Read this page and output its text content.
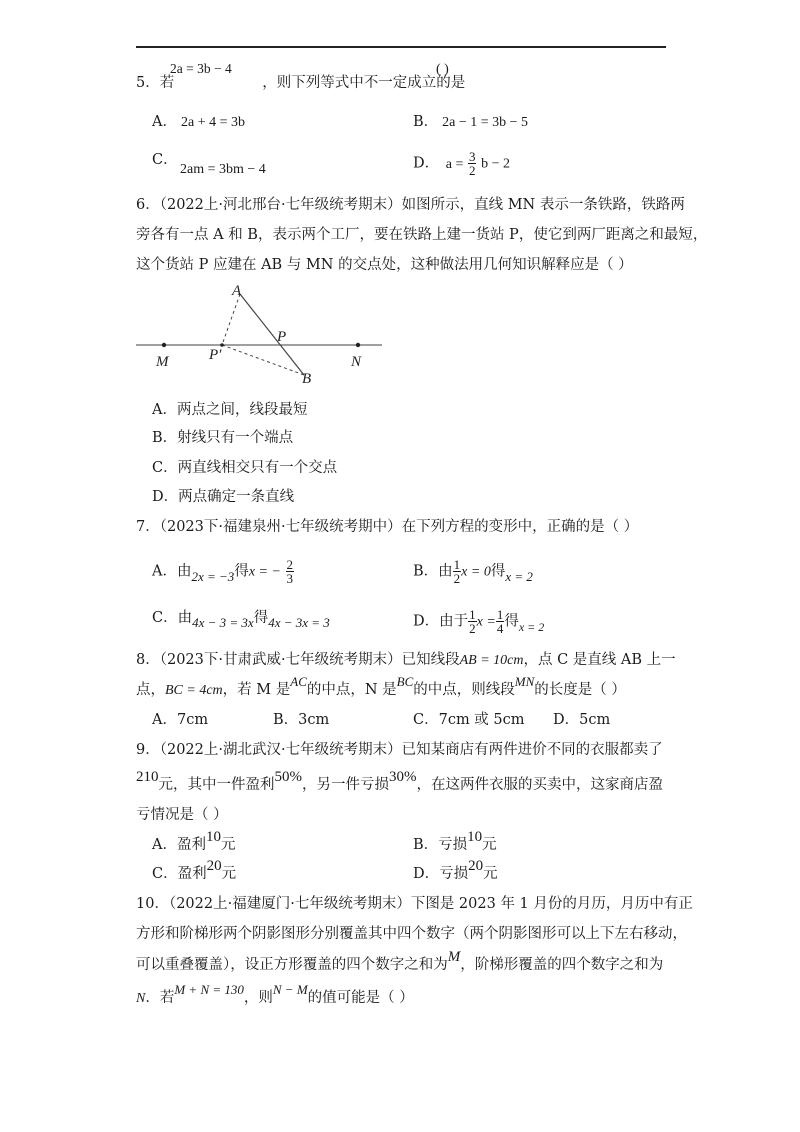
2a = 3b − 4
5．若	，则下列等式中不一定成立的是
( )
A． 2a + 4 = 3b	B． 2a − 1 = 3b − 5
C．
2am = 3bm − 4	D． $a = \frac{3}{2}$ b − 2
6．（2022上·河北邢台·七年级统考期末）如图所示，直线 MN 表示一条铁路，铁路两
旁各有一点 A 和 B，表示两个工厂，要在铁路上建一货站 P，使它到两厂距离之和最短，
这个货站 P 应建在 AB 与 MN 的交点处，这种做法用几何知识解释应是（ ）
A
P
P′
B
M	N
A．两点之间，线段最短
B．射线只有一个端点
C．两直线相交只有一个交点
D．两点确定一条直线
7．（2023下·福建泉州·七年级统考期中）在下列方程的变形中，正确的是（ ）
A．由2x = −3得x = − $\frac{2}{3}$	B．由 $\frac{1}{2}$ x = 0得x = 2
C．由4x − 3 = 3x得4x − 3x = 3	D．由于 $\frac{1}{2}$ $x = \frac{1}{4}$ 得$_{x = 2}$
8．（2023下·甘肃武威·七年级统考期末）已知线段AB = 10cm，点 C 是直线 AB 上一
点，BC = 4cm，若 M 是AC的中点，N 是BC的中点，则线段MN的长度是（ ）
A．7cm	B．3cm	C．7cm 或 5cm D．5cm
9．（2022上·湖北武汉·七年级统考期末）已知某商店有两件进价不同的衣服都卖了
210元，其中一件盈利50%，另一件亏损30%，在这两件衣服的买卖中，这家商店盈
亏情况是（ ）
A．盈利10元	B．亏损10元
C．盈利20元	D．亏损20元
10．（2022上·福建厦门·七年级统考期末）下图是 2023 年 1 月份的月历，月历中有正
方形和阶梯形两个阴影图形分别覆盖其中四个数字（两个阴影图形可以上下左右移动，
可以重叠覆盖），设正方形覆盖的四个数字之和为M，阶梯形覆盖的四个数字之和为
N．若M + N = 130，则N − M的值可能是（ ）
